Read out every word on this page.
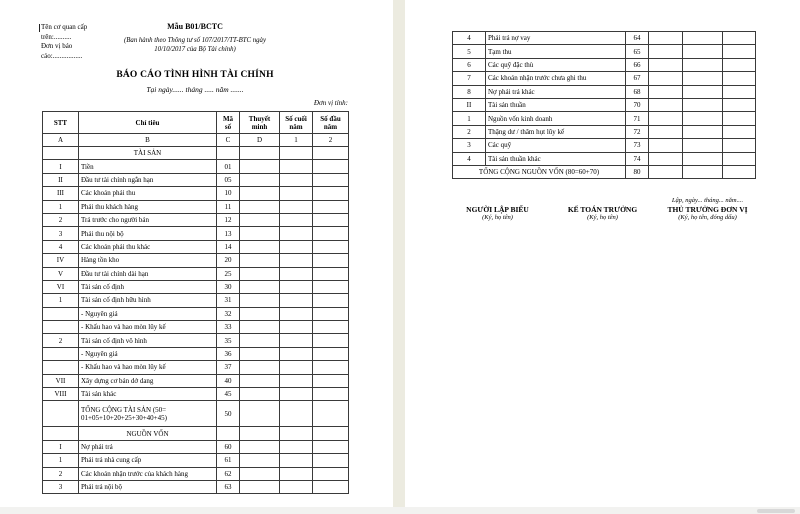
Tên cơ quan cấp
trên:..........
Đơn vị báo
cáo:.................
Mẫu B01/BCTC
(Ban hành theo Thông tư số 107/2017/TT-BTC ngày
10/10/2017 của Bộ Tài chính)
BÁO CÁO TÌNH HÌNH TÀI CHÍNH
Tại ngày...... tháng ..... năm .......
Đơn vị tính:
STT	Chỉ tiêu	Mã số	Thuyết minh	Số cuối năm	Số đầu năm
A	B	C	D	1	2
	TÀI SẢN				
I	Tiền	01			
II	Đầu tư tài chính ngắn hạn	05			
III	Các khoản phải thu	10			
1	Phải thu khách hàng	11			
2	Trả trước cho người bán	12			
3	Phải thu nội bộ	13			
4	Các khoản phải thu khác	14			
IV	Hàng tồn kho	20			
V	Đầu tư tài chính dài hạn	25			
VI	Tài sản cố định	30			
1	Tài sản cố định hữu hình	31			
	- Nguyên giá	32			
	- Khấu hao và hao mòn lũy kế	33			
2	Tài sản cố định vô hình	35			
	- Nguyên giá	36			
	- Khấu hao và hao mòn lũy kế	37			
VII	Xây dựng cơ bản dở dang	40			
VIII	Tài sản khác	45			
	TỔNG CỘNG TÀI SẢN (50= 01+05+10+20+25+30+40+45)	50			
	NGUỒN VỐN				
I	Nợ phải trả	60			
1	Phải trả nhà cung cấp	61			
2	Các khoản nhận trước của khách hàng	62			
3	Phải trả nội bộ	63			
4	Phải trả nợ vay	64			
5	Tạm thu	65			
6	Các quỹ đặc thù	66			
7	Các khoản nhận trước chưa ghi thu	67			
8	Nợ phải trả khác	68			
II	Tài sản thuần	70			
1	Nguồn vốn kinh doanh	71			
2	Thặng dư / thâm hụt lũy kế	72			
3	Các quỹ	73			
4	Tài sản thuần khác	74			
TỔNG CỘNG NGUỒN VỐN (80=60+70)		80			
Lập, ngày... tháng... năm....
NGƯỜI LẬP BIỂU
(Ký, họ tên)
KẾ TOÁN TRƯỞNG
(Ký, họ tên)
THỦ TRƯỞNG ĐƠN VỊ
(Ký, họ tên, đóng dấu)
